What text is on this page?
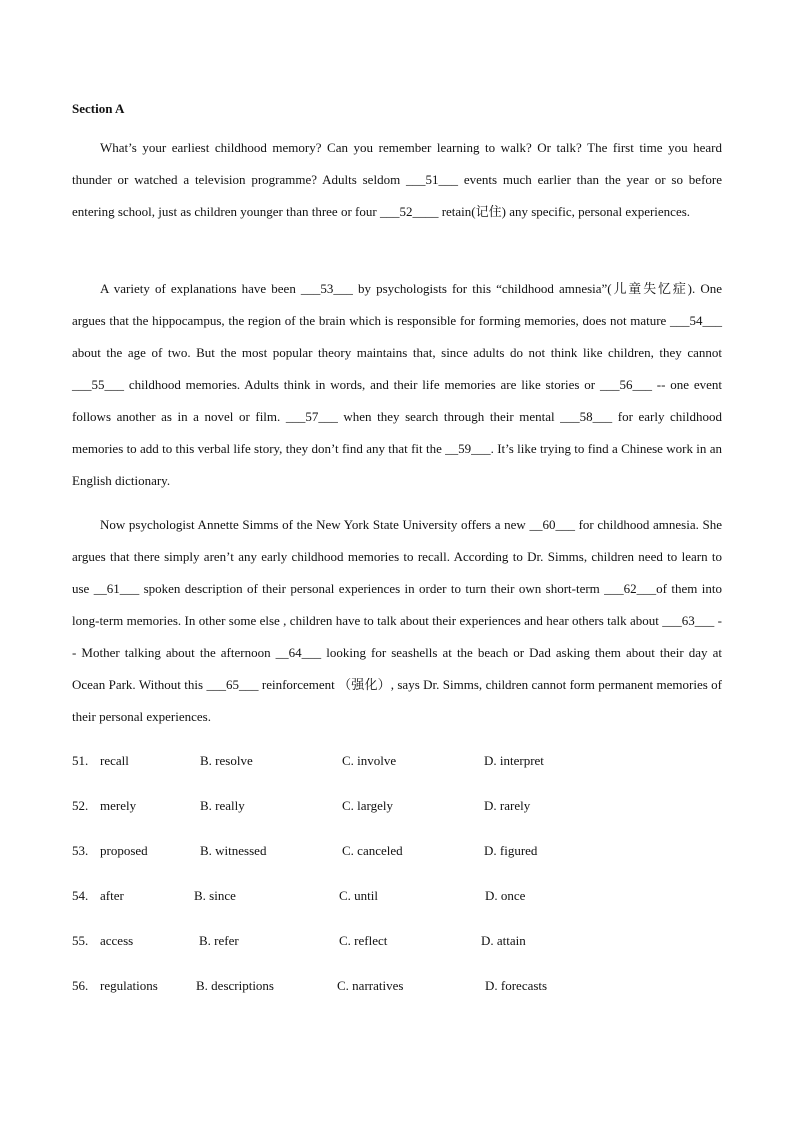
Section A

What’s your earliest childhood memory? Can you remember learning to walk? Or talk? The first time you heard thunder or watched a television programme? Adults seldom ___51___ events much earlier than the year or so before entering school, just as children younger than three or four ___52____ retain(记住) any specific, personal experiences.

A variety of explanations have been ___53___ by psychologists for this “childhood amnesia”(儿童失忆症). One argues that the hippocampus, the region of the brain which is responsible for forming memories, does not mature ___54___ about the age of two. But the most popular theory maintains that, since adults do not think like children, they cannot ___55___ childhood memories. Adults think in words, and their life memories are like stories or ___56___ -- one event follows another as in a novel or film. ___57___ when they search through their mental ___58___ for early childhood memories to add to this verbal life story, they don’t find any that fit the __59___. It’s like trying to find a Chinese work in an English dictionary.

Now psychologist Annette Simms of the New York State University offers a new __60___ for childhood amnesia. She argues that there simply aren’t any early childhood memories to recall. According to Dr. Simms, children need to learn to use __61___ spoken description of their personal experiences in order to turn their own short-term ___62___of them into long-term memories. In other some else , children have to talk about their experiences and hear others talk about ___63___ -- Mother talking about the afternoon __64___ looking for seashells at the beach or Dad asking them about their day at Ocean Park. Without this ___65___ reinforcement （强化）, says Dr. Simms, children cannot form permanent memories of their personal experiences.

51. recall	B. resolve	C. involve	D. interpret
52. merely	B. really	C. largely	D. rarely
53. proposed	B. witnessed	C. canceled	D. figured
54. after	B. since	C. until	D. once
55. access	B. refer	C. reflect	D. attain
56. regulations	B. descriptions	C. narratives	D. forecasts
